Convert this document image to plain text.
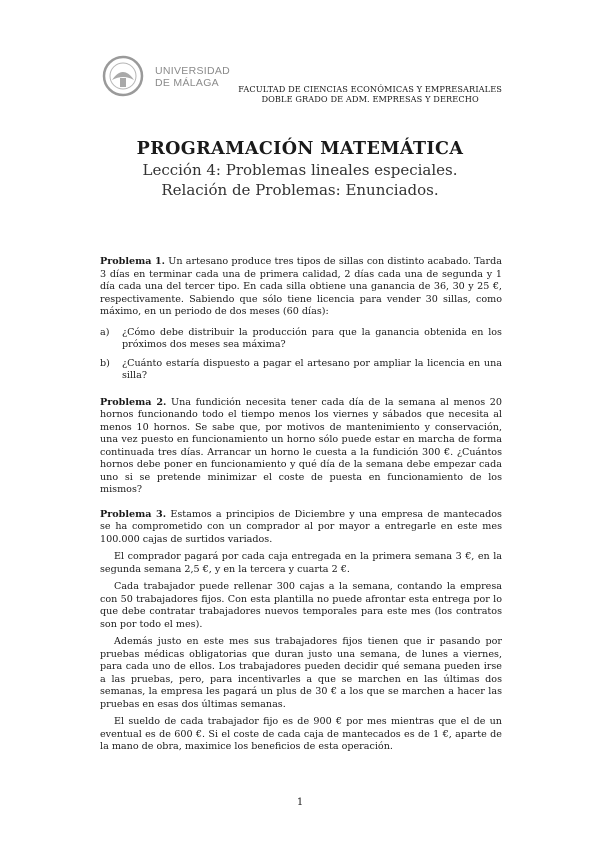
UNIVERSIDAD
DE MÁLAGA	FACULTAD DE CIENCIAS ECONÓMICAS Y EMPRESARIALES
DOBLE GRADO DE ADM. EMPRESAS Y DERECHO
PROGRAMACIÓN MATEMÁTICA
Lección 4: Problemas lineales especiales.
Relación de Problemas: Enunciados.

Problema 1. Un artesano produce tres tipos de sillas con distinto acabado. Tarda 3 días en terminar cada una de primera calidad, 2 días cada una de segunda y 1 día cada una del tercer tipo. En cada silla obtiene una ganancia de 36, 30 y 25 €, respectivamente. Sabiendo que sólo tiene licencia para vender 30 sillas, como máximo, en un periodo de dos meses (60 días):

a) ¿Cómo debe distribuir la producción para que la ganancia obtenida en los próximos dos meses sea máxima?
b) ¿Cuánto estaría dispuesto a pagar el artesano por ampliar la licencia en una silla?

Problema 2. Una fundición necesita tener cada día de la semana al menos 20 hornos funcionando todo el tiempo menos los viernes y sábados que necesita al menos 10 hornos. Se sabe que, por motivos de mantenimiento y conservación, una vez puesto en funcionamiento un horno sólo puede estar en marcha de forma continuada tres días. Arrancar un horno le cuesta a la fundición 300 €. ¿Cuántos hornos debe poner en funcionamiento y qué día de la semana debe empezar cada uno si se pretende minimizar el coste de puesta en funcionamiento de los mismos?

Problema 3. Estamos a principios de Diciembre y una empresa de mantecados se ha comprometido con un comprador al por mayor a entregarle en este mes 100.000 cajas de surtidos variados.

El comprador pagará por cada caja entregada en la primera semana 3 €, en la segunda semana 2,5 €, y en la tercera y cuarta 2 €.

Cada trabajador puede rellenar 300 cajas a la semana, contando la empresa con 50 trabajadores fijos. Con esta plantilla no puede afrontar esta entrega por lo que debe contratar trabajadores nuevos temporales para este mes (los contratos son por todo el mes).

Además justo en este mes sus trabajadores fijos tienen que ir pasando por pruebas médicas obligatorias que duran justo una semana, de lunes a viernes, para cada uno de ellos. Los trabajadores pueden decidir qué semana pueden irse a las pruebas, pero, para incentivarles a que se marchen en las últimas dos semanas, la empresa les pagará un plus de 30 € a los que se marchen a hacer las pruebas en esas dos últimas semanas.

El sueldo de cada trabajador fijo es de 900 € por mes mientras que el de un eventual es de 600 €. Si el coste de cada caja de mantecados es de 1 €, aparte de la mano de obra, maximice los beneficios de esta operación.

1
